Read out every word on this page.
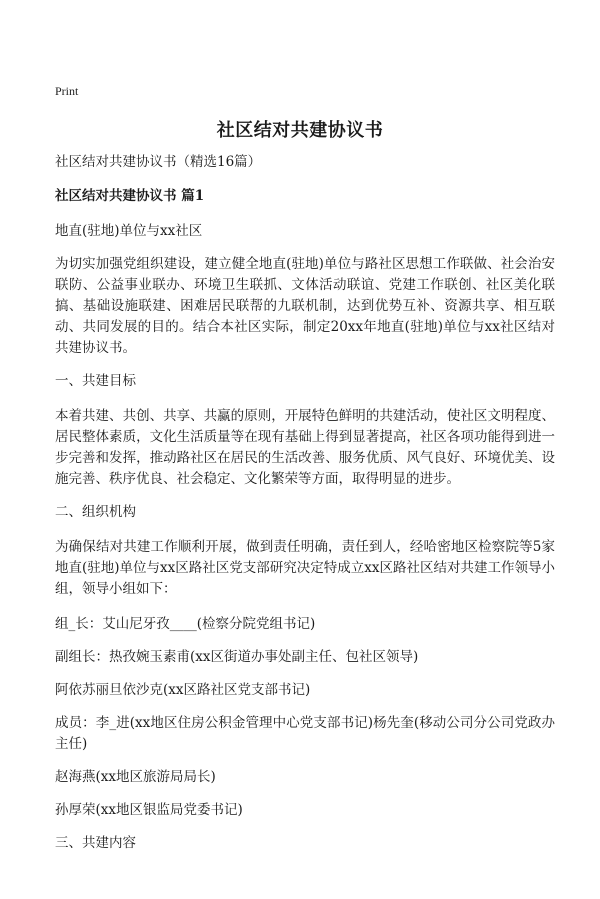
Print
社区结对共建协议书

社区结对共建协议书（精选16篇）

社区结对共建协议书 篇1

地直(驻地)单位与xx社区

为切实加强党组织建设，建立健全地直(驻地)单位与路社区思想工作联做、社会治安联防、公益事业联办、环境卫生联抓、文体活动联谊、党建工作联创、社区美化联搞、基础设施联建、困难居民联帮的九联机制，达到优势互补、资源共享、相互联动、共同发展的目的。结合本社区实际，制定20xx年地直(驻地)单位与xx社区结对共建协议书。

一、共建目标

本着共建、共创、共享、共赢的原则，开展特色鲜明的共建活动，使社区文明程度、居民整体素质，文化生活质量等在现有基础上得到显著提高，社区各项功能得到进一步完善和发挥，推动路社区在居民的生活改善、服务优质、风气良好、环境优美、设施完善、秩序优良、社会稳定、文化繁荣等方面，取得明显的进步。

二、组织机构

为确保结对共建工作顺利开展，做到责任明确，责任到人，经哈密地区检察院等5家地直(驻地)单位与xx区路社区党支部研究决定特成立xx区路社区结对共建工作领导小组，领导小组如下：

组_长：艾山尼牙孜____(检察分院党组书记)

副组长：热孜婉玉素甫(xx区街道办事处副主任、包社区领导)

阿依苏丽旦依沙克(xx区路社区党支部书记)

成员：李_进(xx地区住房公积金管理中心党支部书记)杨先奎(移动公司分公司党政办主任)

赵海燕(xx地区旅游局局长)

孙厚荣(xx地区银监局党委书记)

三、共建内容
